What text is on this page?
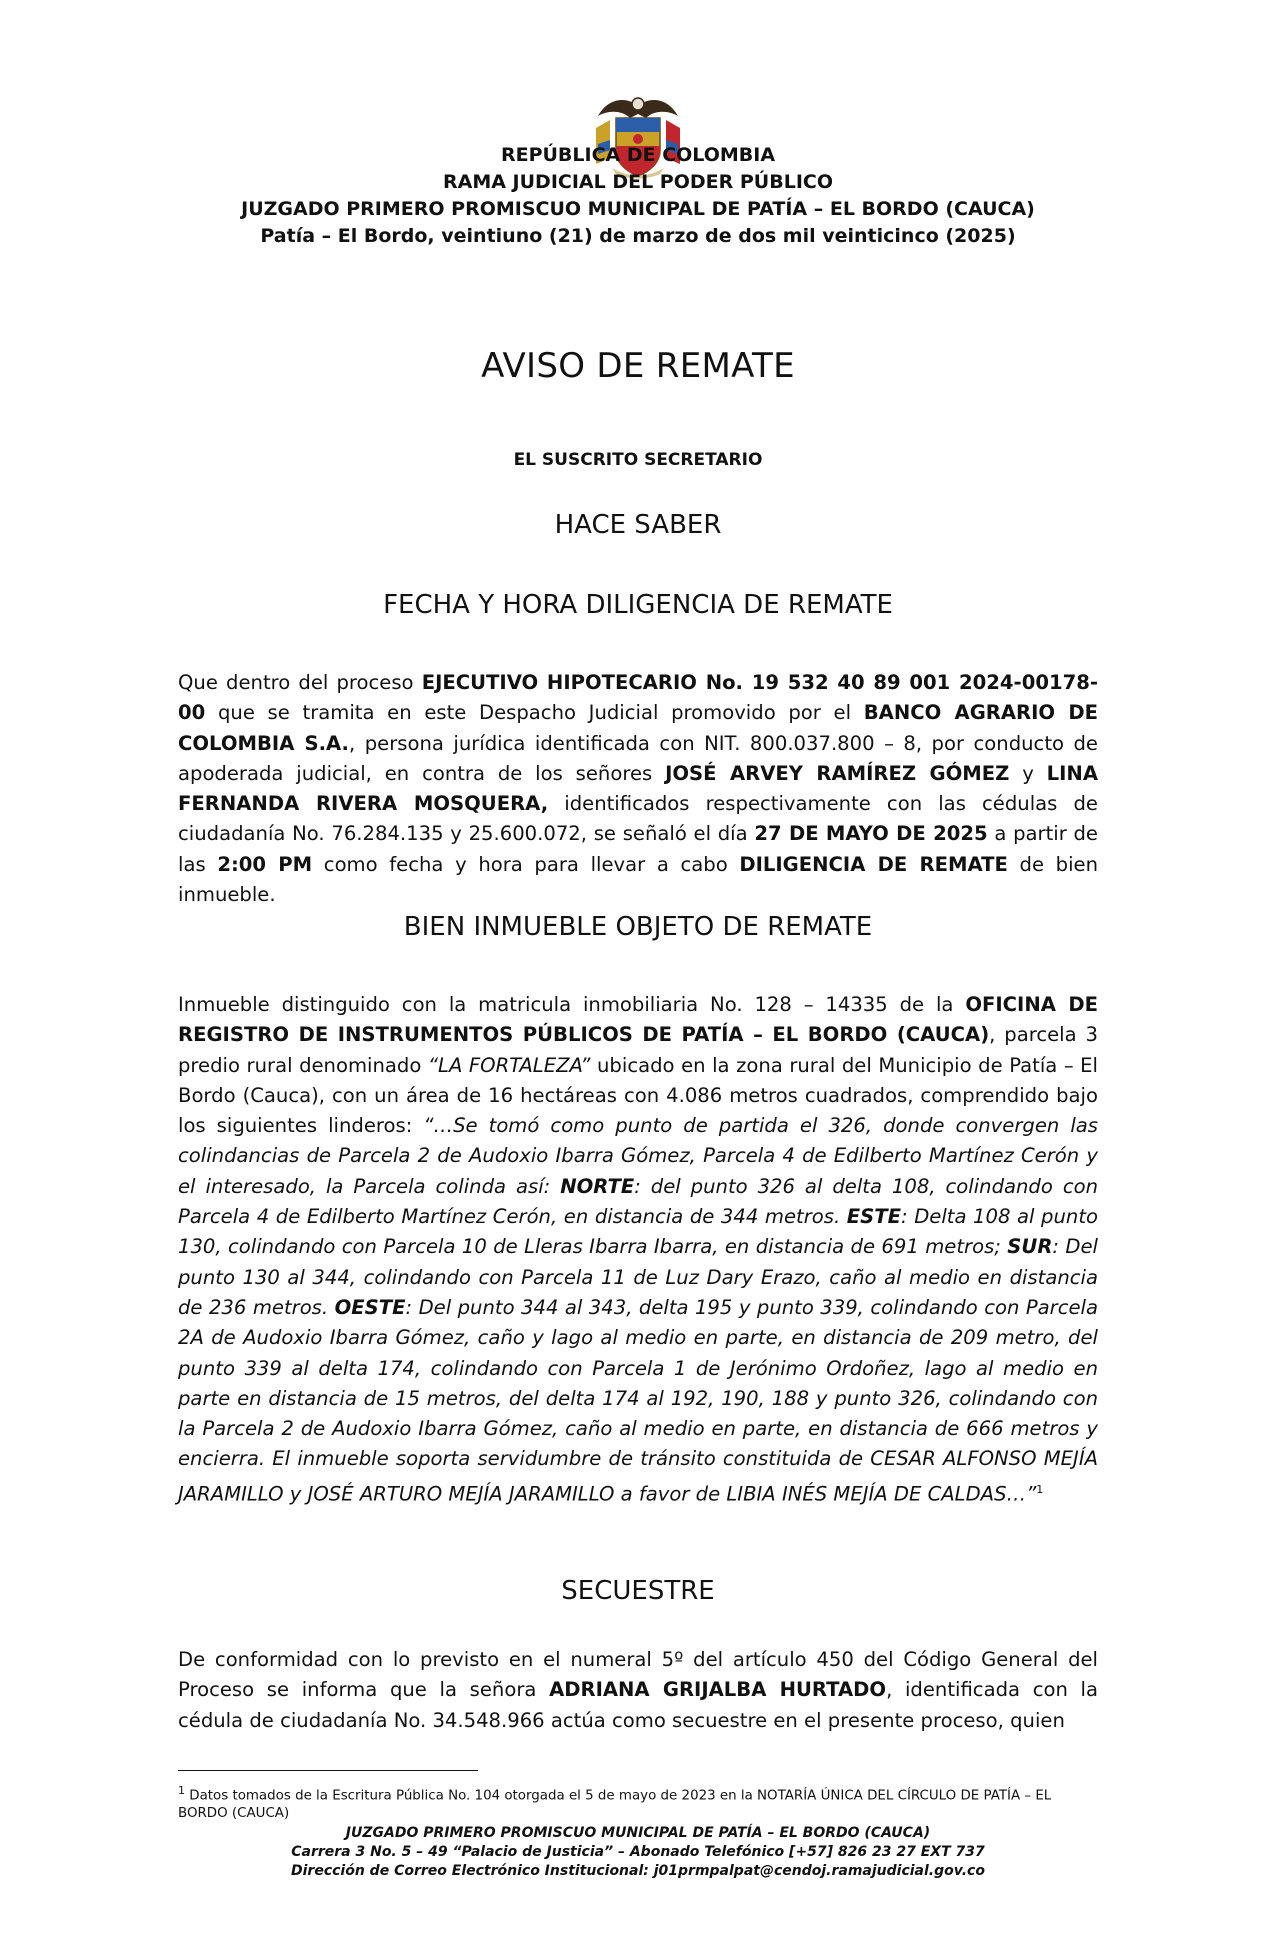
REPÚBLICA DE COLOMBIA
RAMA JUDICIAL DEL PODER PÚBLICO
JUZGADO PRIMERO PROMISCUO MUNICIPAL DE PATÍA – EL BORDO (CAUCA)
Patía – El Bordo, veintiuno (21) de marzo de dos mil veinticinco (2025)
AVISO DE REMATE
EL SUSCRITO SECRETARIO
HACE SABER
FECHA Y HORA DILIGENCIA DE REMATE
Que dentro del proceso EJECUTIVO HIPOTECARIO No. 19 532 40 89 001 2024-00178-00 que se tramita en este Despacho Judicial promovido por el BANCO AGRARIO DE COLOMBIA S.A., persona jurídica identificada con NIT. 800.037.800 – 8, por conducto de apoderada judicial, en contra de los señores JOSÉ ARVEY RAMÍREZ GÓMEZ y LINA FERNANDA RIVERA MOSQUERA, identificados respectivamente con las cédulas de ciudadanía No. 76.284.135 y 25.600.072, se señaló el día 27 DE MAYO DE 2025 a partir de las 2:00 PM como fecha y hora para llevar a cabo DILIGENCIA DE REMATE de bien inmueble.
BIEN INMUEBLE OBJETO DE REMATE
Inmueble distinguido con la matricula inmobiliaria No. 128 – 14335 de la OFICINA DE REGISTRO DE INSTRUMENTOS PÚBLICOS DE PATÍA – EL BORDO (CAUCA), parcela 3 predio rural denominado “LA FORTALEZA” ubicado en la zona rural del Municipio de Patía – El Bordo (Cauca), con un área de 16 hectáreas con 4.086 metros cuadrados, comprendido bajo los siguientes linderos: “…Se tomó como punto de partida el 326, donde convergen las colindancias de Parcela 2 de Audoxio Ibarra Gómez, Parcela 4 de Edilberto Martínez Cerón y el interesado, la Parcela colinda así: NORTE: del punto 326 al delta 108, colindando con Parcela 4 de Edilberto Martínez Cerón, en distancia de 344 metros. ESTE: Delta 108 al punto 130, colindando con Parcela 10 de Lleras Ibarra Ibarra, en distancia de 691 metros; SUR: Del punto 130 al 344, colindando con Parcela 11 de Luz Dary Erazo, caño al medio en distancia de 236 metros. OESTE: Del punto 344 al 343, delta 195 y punto 339, colindando con Parcela 2A de Audoxio Ibarra Gómez, caño y lago al medio en parte, en distancia de 209 metro, del punto 339 al delta 174, colindando con Parcela 1 de Jerónimo Ordoñez, lago al medio en parte en distancia de 15 metros, del delta 174 al 192, 190, 188 y punto 326, colindando con la Parcela 2 de Audoxio Ibarra Gómez, caño al medio en parte, en distancia de 666 metros y encierra. El inmueble soporta servidumbre de tránsito constituida de CESAR ALFONSO MEJÍA JARAMILLO y JOSÉ ARTURO MEJÍA JARAMILLO a favor de LIBIA INÉS MEJÍA DE CALDAS…”$^1$
SECUESTRE
De conformidad con lo previsto en el numeral 5º del artículo 450 del Código General del Proceso se informa que la señora ADRIANA GRIJALBA HURTADO, identificada con la cédula de ciudadanía No. 34.548.966 actúa como secuestre en el presente proceso, quien
$^1$ Datos tomados de la Escritura Pública No. 104 otorgada el 5 de mayo de 2023 en la NOTARÍA ÚNICA DEL CÍRCULO DE PATÍA – EL BORDO (CAUCA)
JUZGADO PRIMERO PROMISCUO MUNICIPAL DE PATÍA – EL BORDO (CAUCA)
Carrera 3 No. 5 – 49 “Palacio de Justicia” – Abonado Telefónico [+57] 826 23 27 EXT 737
Dirección de Correo Electrónico Institucional: j01prmpalpat@cendoj.ramajudicial.gov.co
